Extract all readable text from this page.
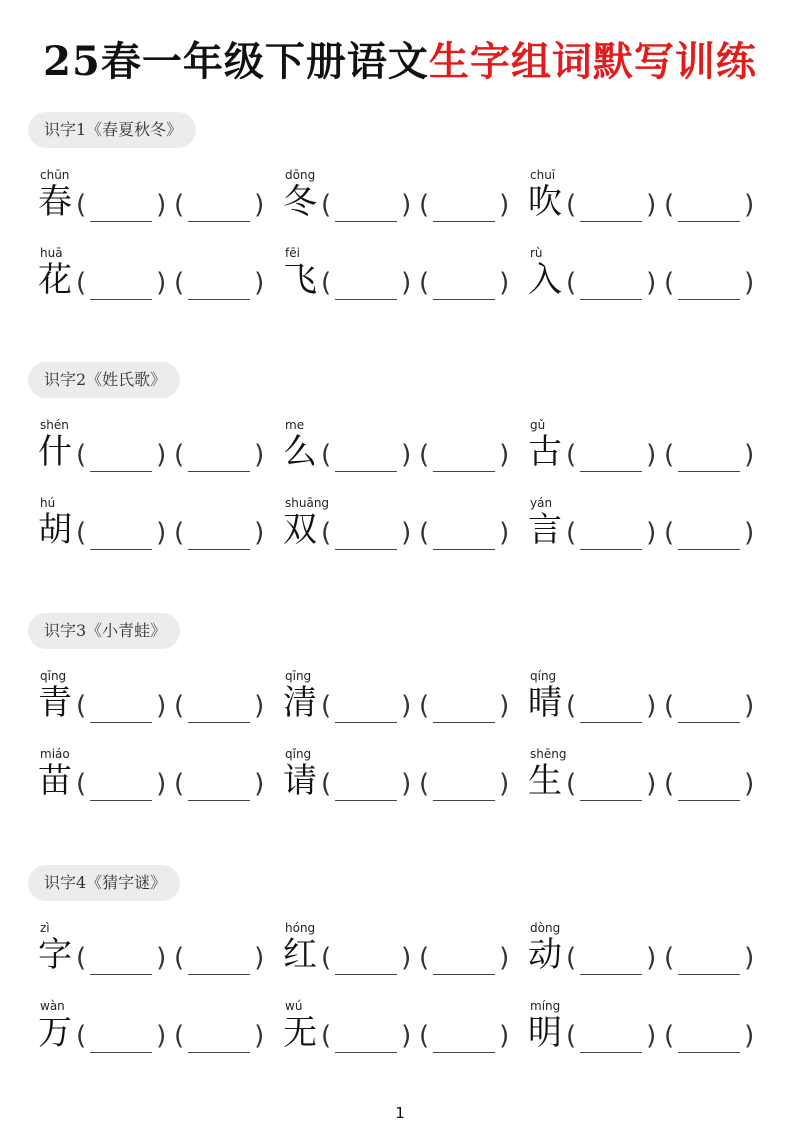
25春一年级下册语文生字组词默写训练
识字1《春夏秋冬》
chūn
春 (	) (	)
dōng
冬 (	) (	)
chuī
吹 (	) (	)
huā
花 (	) (	)
fēi
飞 (	) (	)
rù
入 (	) (	)
识字2《姓氏歌》
shén
什 (	) (	)
me
么 (	) (	)
gǔ
古 (	) (	)
hú
胡 (	) (	)
shuāng
双 (	) (	)
yán
言 (	) (	)
识字3《小青蛙》
qīng
青 (	) (	)
qīng
清 (	) (	)
qíng
晴 (	) (	)
miáo
苗 (	) (	)
qǐng
请 (	) (	)
shēng
生 (	) (	)
识字4《猜字谜》
zì
字 (	) (	)
hóng
红 (	) (	)
dòng
动 (	) (	)
wàn
万 (	) (	)
wú
无 (	) (	)
míng
明 (	) (	)
1
